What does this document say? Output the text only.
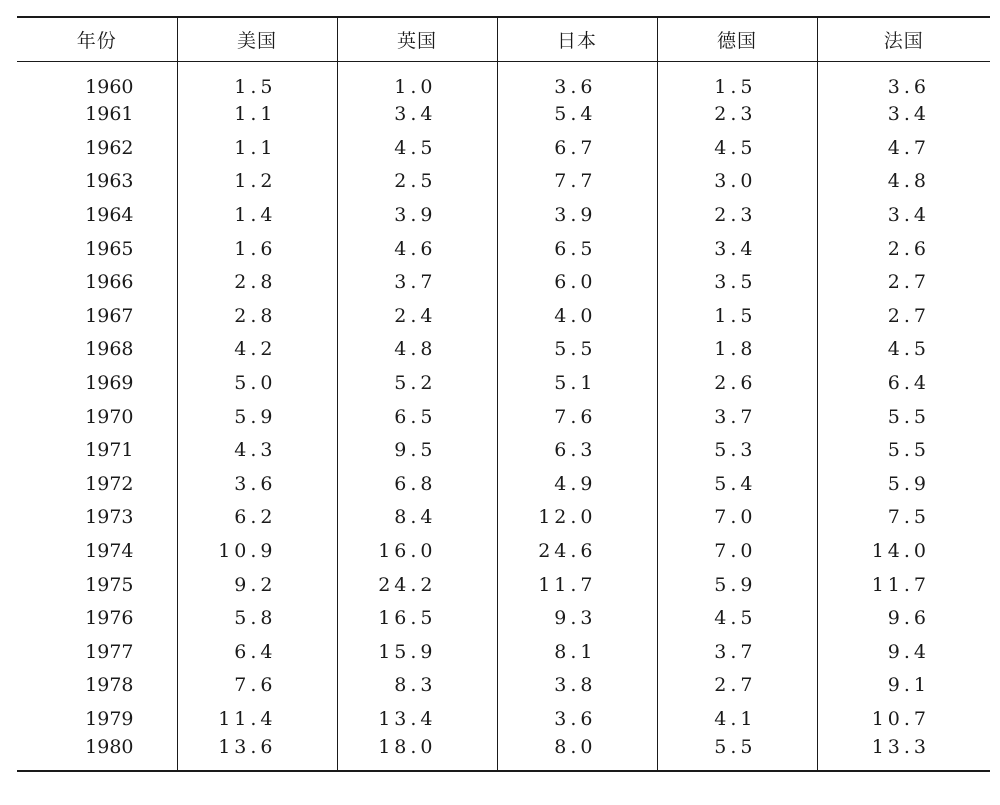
年份	美国	英国	日本	德国	法国
1960	1.5	1.0	3.6	1.5	3.6
1961	1.1	3.4	5.4	2.3	3.4
1962	1.1	4.5	6.7	4.5	4.7
1963	1.2	2.5	7.7	3.0	4.8
1964	1.4	3.9	3.9	2.3	3.4
1965	1.6	4.6	6.5	3.4	2.6
1966	2.8	3.7	6.0	3.5	2.7
1967	2.8	2.4	4.0	1.5	2.7
1968	4.2	4.8	5.5	1.8	4.5
1969	5.0	5.2	5.1	2.6	6.4
1970	5.9	6.5	7.6	3.7	5.5
1971	4.3	9.5	6.3	5.3	5.5
1972	3.6	6.8	4.9	5.4	5.9
1973	6.2	8.4	12.0	7.0	7.5
1974	10.9	16.0	24.6	7.0	14.0
1975	9.2	24.2	11.7	5.9	11.7
1976	5.8	16.5	9.3	4.5	9.6
1977	6.4	15.9	8.1	3.7	9.4
1978	7.6	8.3	3.8	2.7	9.1
1979	11.4	13.4	3.6	4.1	10.7
1980	13.6	18.0	8.0	5.5	13.3
